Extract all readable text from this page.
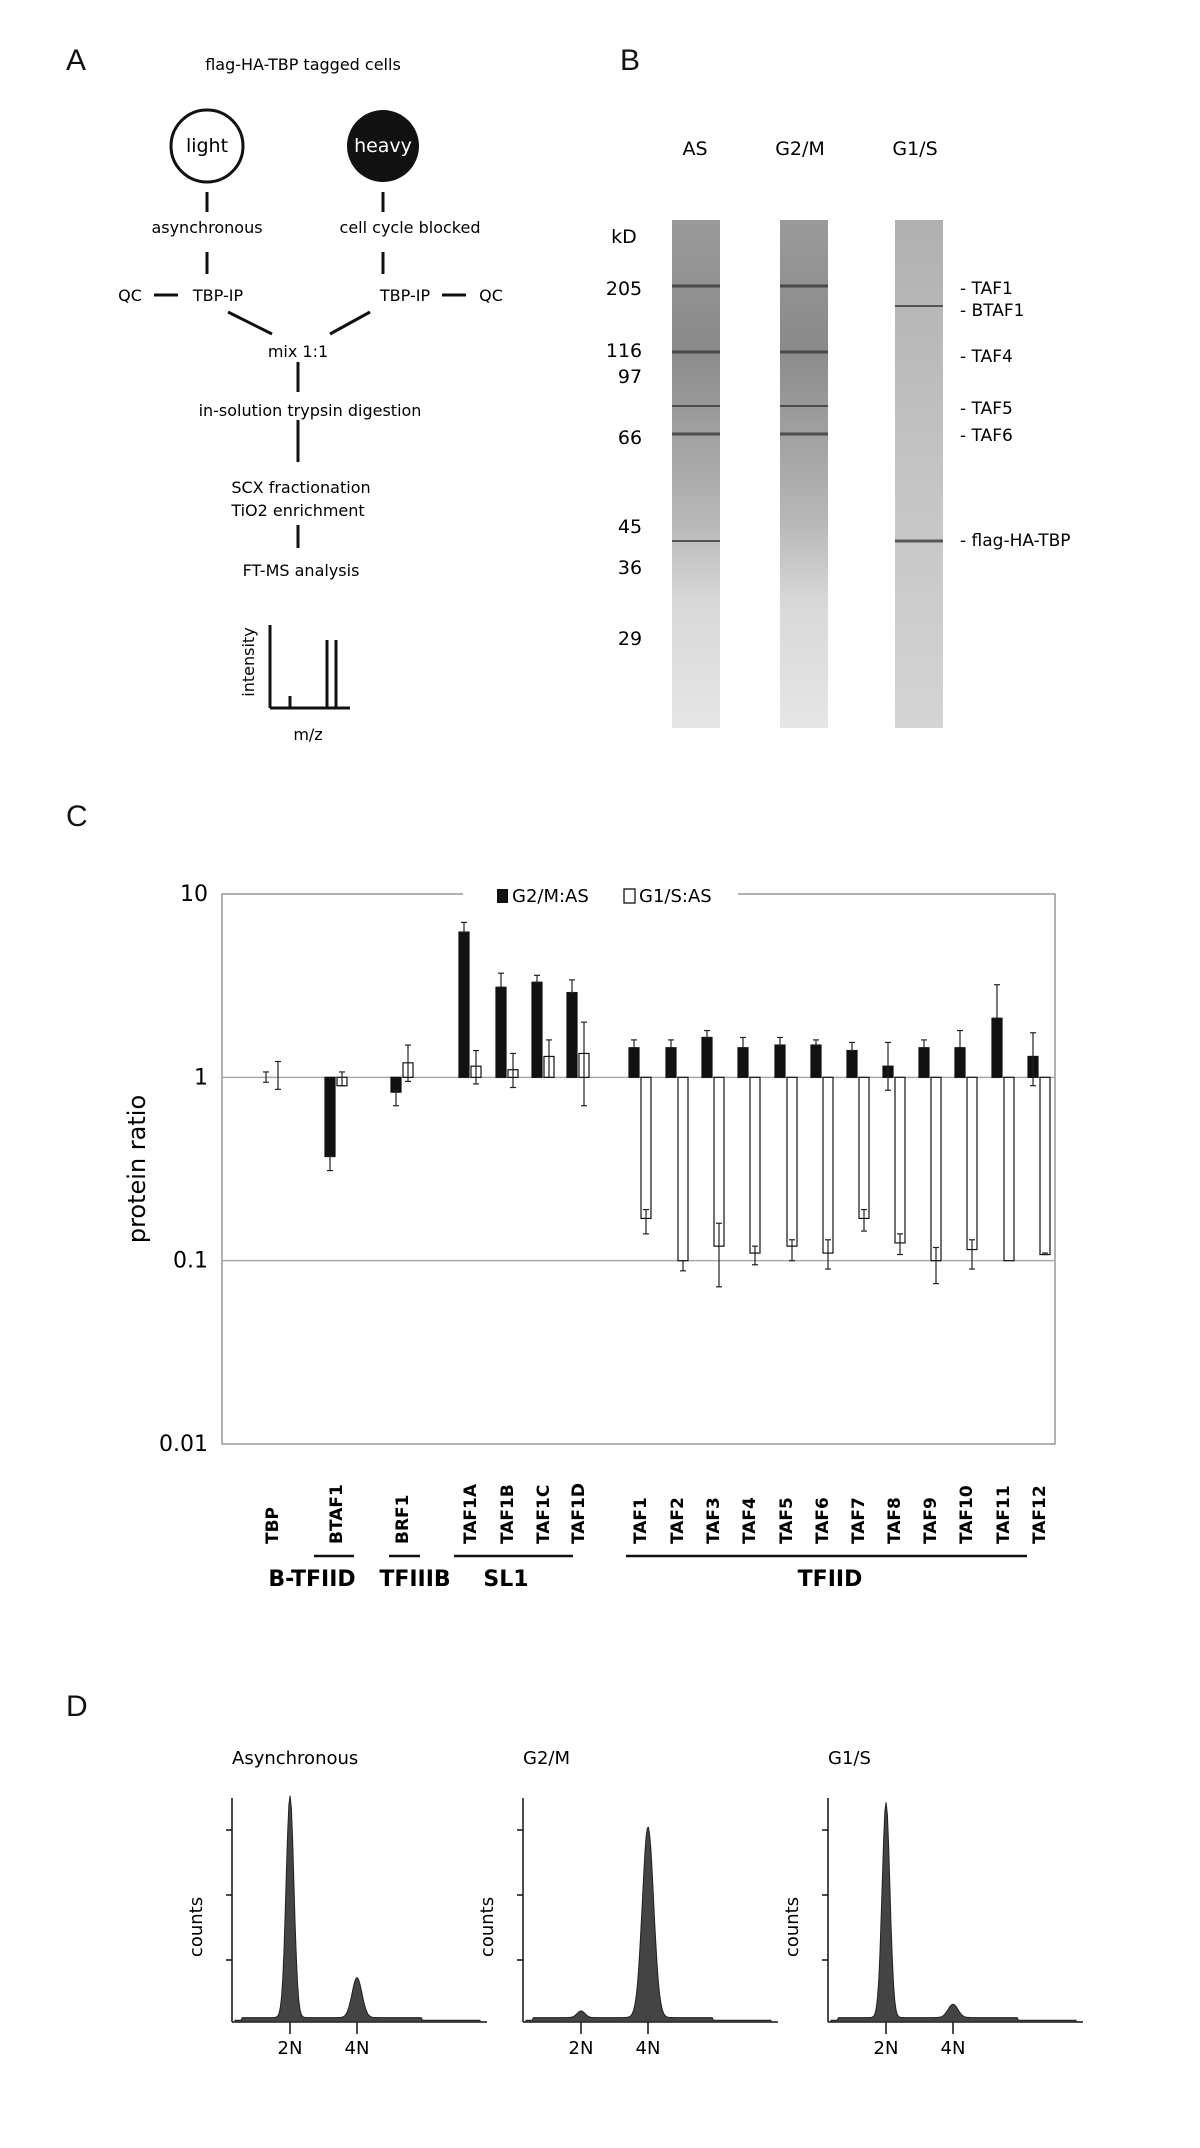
A	B
C
D
flag-HA-TBP tagged cells
light	heavy
asynchronous	cell cycle blocked
QC	TBP-IP	TBP-IP	QC
mix 1:1
in-solution trypsin digestion
SCX fractionation
TiO2 enrichment
FT-MS analysis
m/z
intensity
AS	G2/M	G1/S
kD
205
116
97
66
45
36
29
- TAF1
- BTAF1
- TAF4
- TAF5
- TAF6
- flag-HA-TBP
10
1
0.1
0.01
protein ratio
G2/M:AS	G1/S:AS
TBP	BTAF1	BRF1	TAF1A TAF1B TAF1C TAF1D TAF1 TAF2 TAF3 TAF4 TAF5 TAF6 TAF7 TAF8 TAF9 TAF10 TAF11 TAF12
B-TFIID TFIIIB SL1	TFIID
Asynchronous
counts
2N 4N
G2/M
counts
2N 4N
G1/S
counts
2N 4N
